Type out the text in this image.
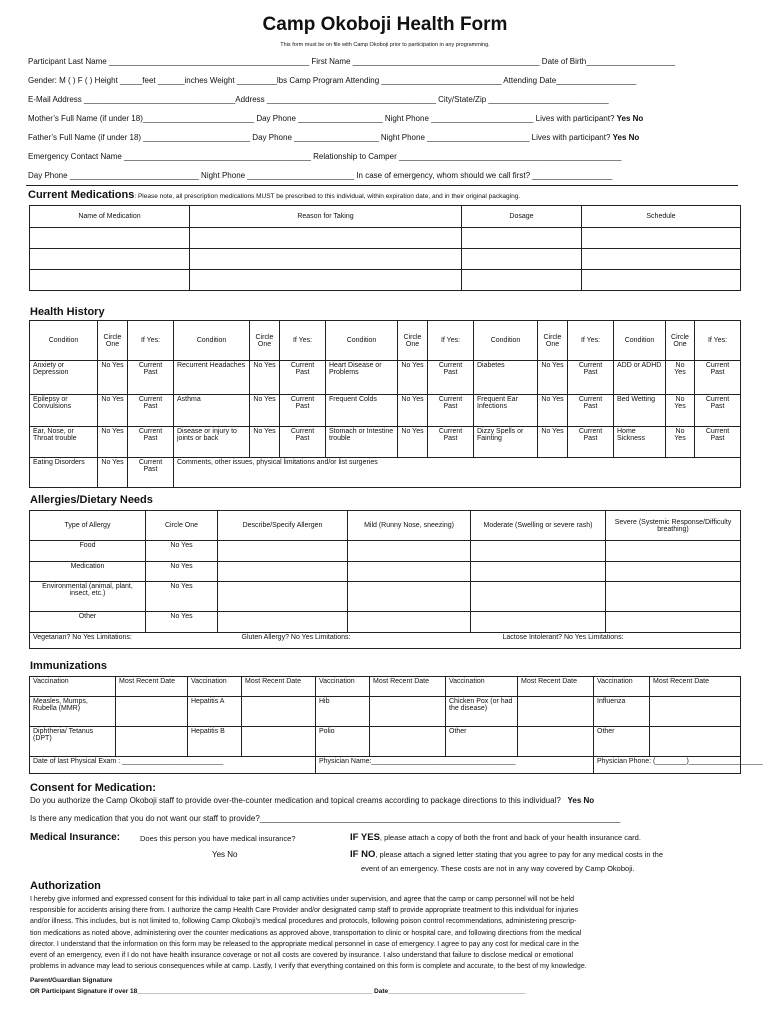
Camp Okoboji Health Form
This form must be on file with Camp Okoboji prior to participation in any programming.
Participant Last Name _____________________________________________ First Name __________________________________________ Date of Birth____________________
Gender: M ( ) F ( ) Height _____feet ______inches Weight _________lbs Camp Program Attending ___________________________ Attending Date__________________
E-Mail Address __________________________________Address ______________________________________ City/State/Zip ___________________________
Mother’s Full Name (if under 18)_________________________ Day Phone ___________________ Night Phone _______________________ Lives with participant? Yes No
Father’s Full Name (if under 18) ________________________ Day Phone ___________________ Night Phone _______________________ Lives with participant? Yes No
Emergency Contact Name __________________________________________ Relationship to Camper __________________________________________________
Day Phone _____________________________ Night Phone ________________________ In case of emergency, whom should we call first? __________________
Current Medications: Please note, all prescription medications MUST be prescribed to this individual, within expiration date, and in their original packaging.
Name of Medication	Reason for Taking	Dosage	Schedule

Health History
Condition	Circle One	If Yes:	Condition	Circle One	If Yes:	Condition	Circle One	If Yes:	Condition	Circle One	If Yes:	Condition	Circle One	If Yes:
Anxiety or Depression	No Yes	Current Past	Recurrent Headaches	No Yes	Current Past	Heart Disease or Problems	No Yes	Current Past	Diabetes	No Yes	Current Past	ADD or ADHD	No Yes	Current Past
Epilepsy or Convulsions	No Yes	Current Past	Asthma	No Yes	Current Past	Frequent Colds	No Yes	Current Past	Frequent Ear Infections	No Yes	Current Past	Bed Wetting	No Yes	Current Past
Ear, Nose, or Throat trouble	No Yes	Current Past	Disease or injury to joints or back	No Yes	Current Past	Stomach or Intestine trouble	No Yes	Current Past	Dizzy Spells or Fainting	No Yes	Current Past	Home Sickness	No Yes	Current Past
Eating Disorders	No Yes	Current Past	Comments, other issues, physical limitations and/or list surgeries											
Allergies/Dietary Needs
Type of Allergy	Circle One	Describe/Specify Allergen	Mild (Runny Nose, sneezing)	Moderate (Swelling or severe rash)	Severe (Systemic Response/Difficulty breathing)
Food	No Yes				
Medication	No Yes				
Environmental (animal, plant, insect, etc.)	No Yes				
Other	No Yes				
Vegetarian? No Yes Limitations:		Gluten Allergy? No Yes Limitations:		Lactose Intolerant? No Yes Limitations:	
Immunizations
Vaccination	Most Recent Date	Vaccination	Most Recent Date	Vaccination	Most Recent Date	Vaccination	Most Recent Date	Vaccination	Most Recent Date
Measles, Mumps, Rubella (MMR)		Hepatitis A		Hib		Chicken Pox (or had the disease)		Influenza	
Diphtheria/ Tetanus (DPT)		Hepatitis B		Polio		Other		Other	
Date of last Physical Exam : __________________________				Physician Name:_____________________________________				Physician Phone: (________)___________________	
Consent for Medication:
Do you authorize the Camp Okoboji staff to provide over-the-counter medication and topical creams according to package directions to this individual? Yes No
Is there any medication that you do not want our staff to provide?_________________________________________________________________________________
Medical Insurance:	Does this person you have medical insurance?
Yes No
IF YES, please attach a copy of both the front and back of your health insurance card.
IF NO, please attach a signed letter stating that you agree to pay for any medical costs in the
event of an emergency. These costs are not in any way covered by Camp Okoboji.
Authorization
I hereby give informed and expressed consent for this individual to take part in all camp activities under supervision, and agree that the camp or camp personnel will not be held
responsible for accidents arising there from. I authorize the camp Health Care Provider and/or designated camp staff to provide appropriate treatment to this individual for injuries
and/or illness. This includes, but is not limited to, following Camp Okoboji’s medical procedures and protocols, following poison control recommendations, administering prescrip-
tion medications as noted above, administering over the counter medications as approved above, transportation to clinic or hospital care, and following directions from the medical
director. I understand that the information on this form may be released to the appropriate medical personnel in case of emergency. I agree to pay any cost for medical care in the
event of an emergency, even if I do not have health insurance coverage or not all costs are covered by insurance. I also understand that failure to disclose medical or emotional
problems in advance may lead to serious consequences while at camp. Lastly, I verify that everything contained on this form is complete and accurate, to the best of my knowledge.
Parent/Guardian Signature
OR Participant Signature if over 18_________________________________________________________________ Date______________________________________
